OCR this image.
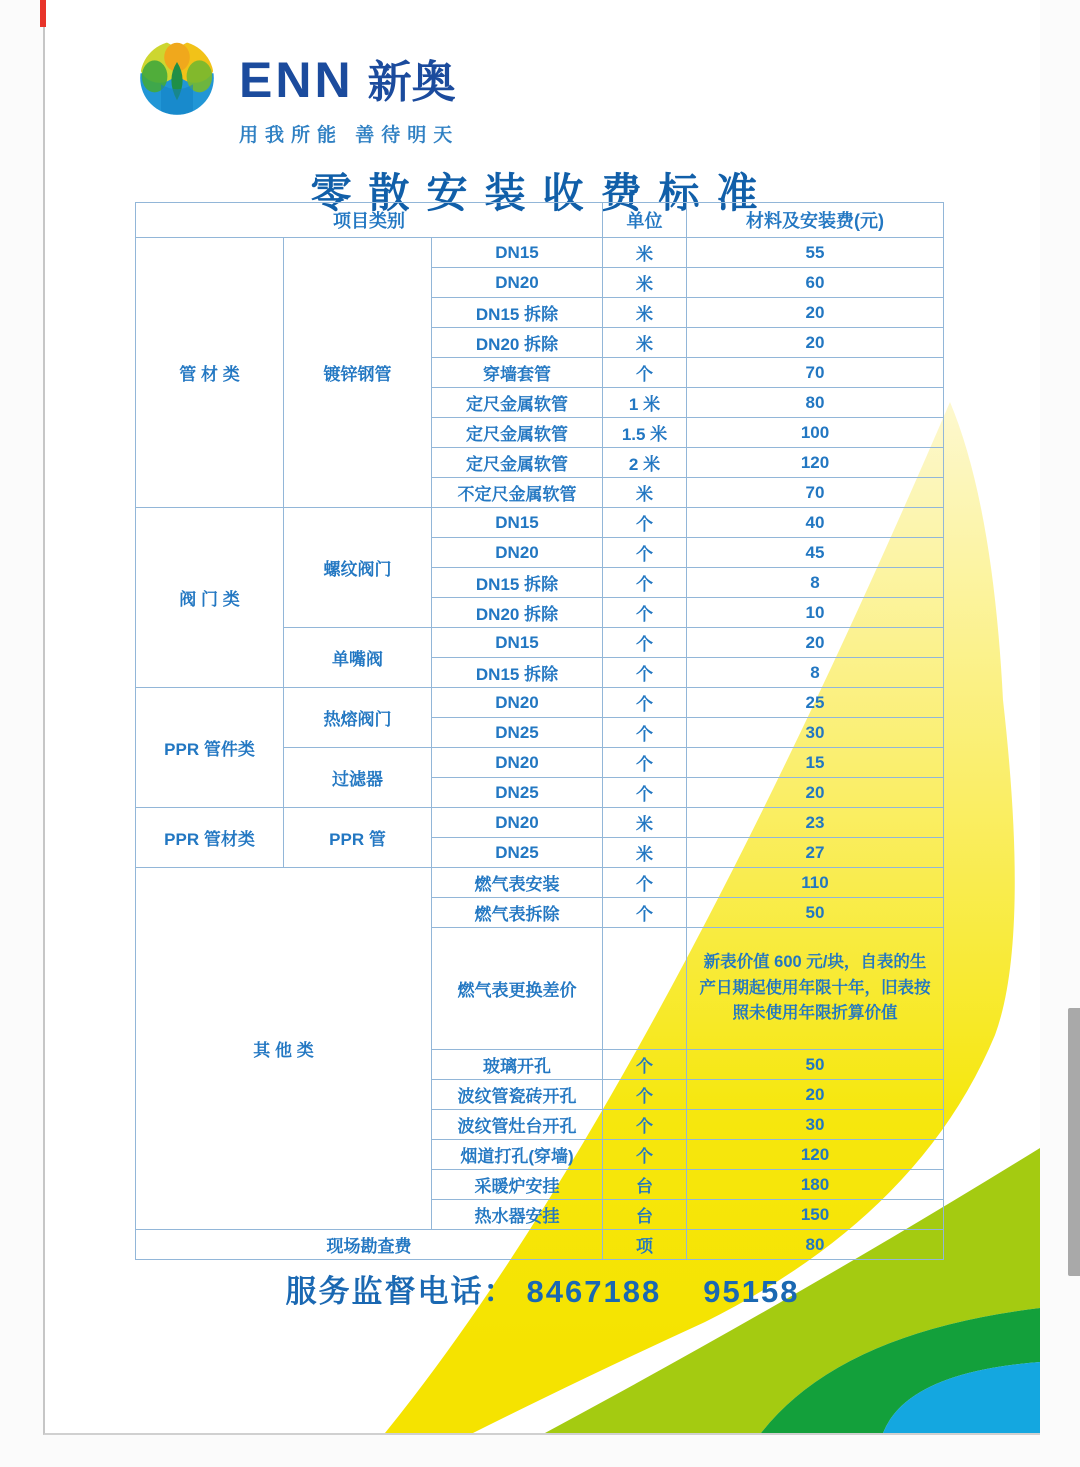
ENN 新奥
用我所能 善待明天
零散安装收费标准
项目类别			单位	材料及安装费(元)
管 材 类	镀锌钢管	DN15	米	55
		DN20	米	60
		DN15 拆除	米	20
		DN20 拆除	米	20
		穿墙套管	个	70
		定尺金属软管	1 米	80
		定尺金属软管	1.5 米	100
		定尺金属软管	2 米	120
		不定尺金属软管	米	70
阀 门 类	螺纹阀门	DN15	个	40
		DN20	个	45
		DN15 拆除	个	8
		DN20 拆除	个	10
	单嘴阀	DN15	个	20
		DN15 拆除	个	8
PPR 管件类	热熔阀门	DN20	个	25
		DN25	个	30
	过滤器	DN20	个	15
		DN25	个	20
PPR 管材类	PPR 管	DN20	米	23
		DN25	米	27
其 他 类		燃气表安装	个	110
		燃气表拆除	个	50
		燃气表更换差价		新表价值 600 元/块，自表的生产日期起使用年限十年，旧表按照未使用年限折算价值
		玻璃开孔	个	50
		波纹管瓷砖开孔	个	20
		波纹管灶台开孔	个	30
		烟道打孔(穿墙)	个	120
		采暖炉安挂	台	180
		热水器安挂	台	150
现场勘查费			项	80
服务监督电话： 8467188 95158
